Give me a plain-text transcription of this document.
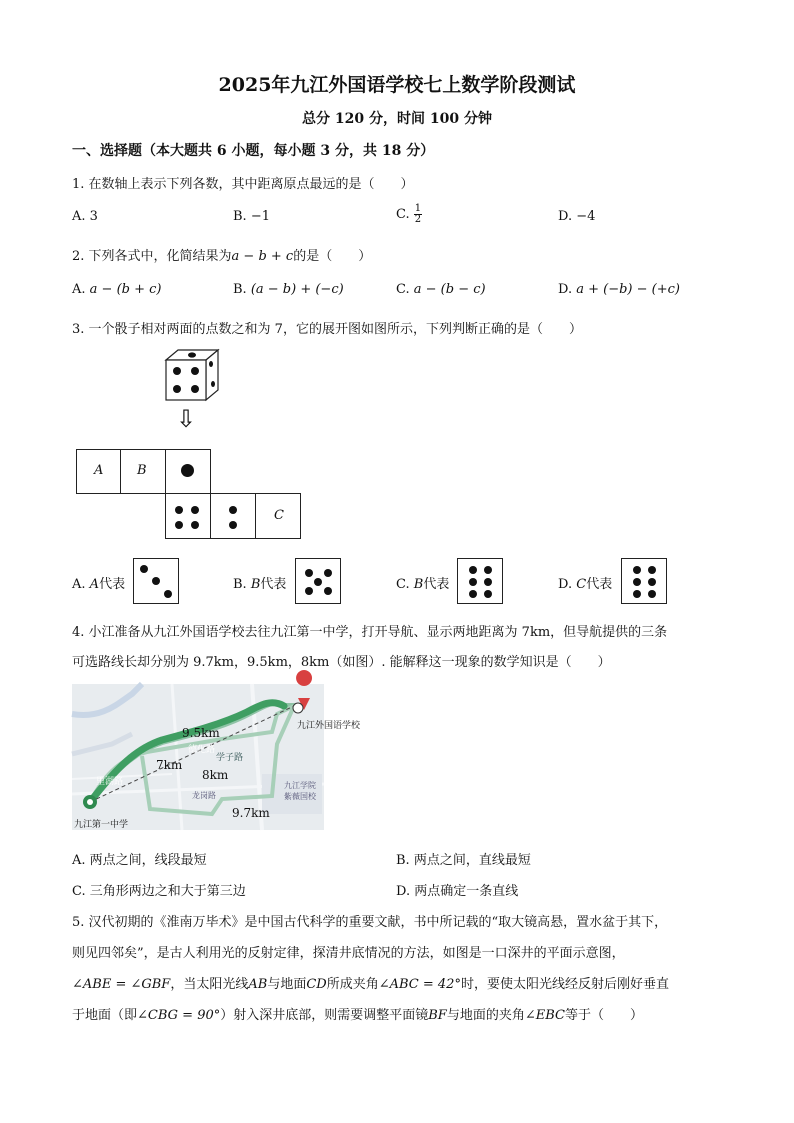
2025年九江外国语学校七上数学阶段测试
总分 120 分，时间 100 分钟
一、选择题（本大题共 6 小题，每小题 3 分，共 18 分）
1. 在数轴上表示下列各数，其中距离原点最远的是（　　）
A. 3	B. −1	C. $\frac{1}{2}$	D. −4
2. 下列各式中，化简结果为a − b + c的是（　　）
A. a − (b + c)	B. (a − b) + (−c)	C. a − (b − c)	D. a + (−b) − (+c)
3. 一个骰子相对两面的点数之和为 7，它的展开图如图所示，下列判断正确的是（　　）
⇩
A	B
C
A. A代表	B. B代表	C. B代表	D. C代表
4. 小江准备从九江外国语学校去往九江第一中学，打开导航、显示两地距离为 7km，但导航提供的三条
可选路线长却分别为 9.7km，9.5km，8km（如图）. 能解释这一现象的数学知识是（　　）
9.5km
7km
8km
9.7km
九江外国语学校
九江第一中学
德化路
学子路
里湖路	九江学院
紫薇国校
龙岗路
A. 两点之间，线段最短	B. 两点之间，直线最短
C. 三角形两边之和大于第三边	D. 两点确定一条直线
5. 汉代初期的《淮南万毕术》是中国古代科学的重要文献，书中所记载的“取大镜高悬，置水盆于其下，
则见四邻矣”，是古人利用光的反射定律，探清井底情况的方法，如图是一口深井的平面示意图，
∠ABE = ∠GBF，当太阳光线AB与地面CD所成夹角∠ABC = 42°时，要使太阳光线经反射后刚好垂直
于地面（即∠CBG = 90°）射入深井底部，则需要调整平面镜BF与地面的夹角∠EBC等于（　　）
